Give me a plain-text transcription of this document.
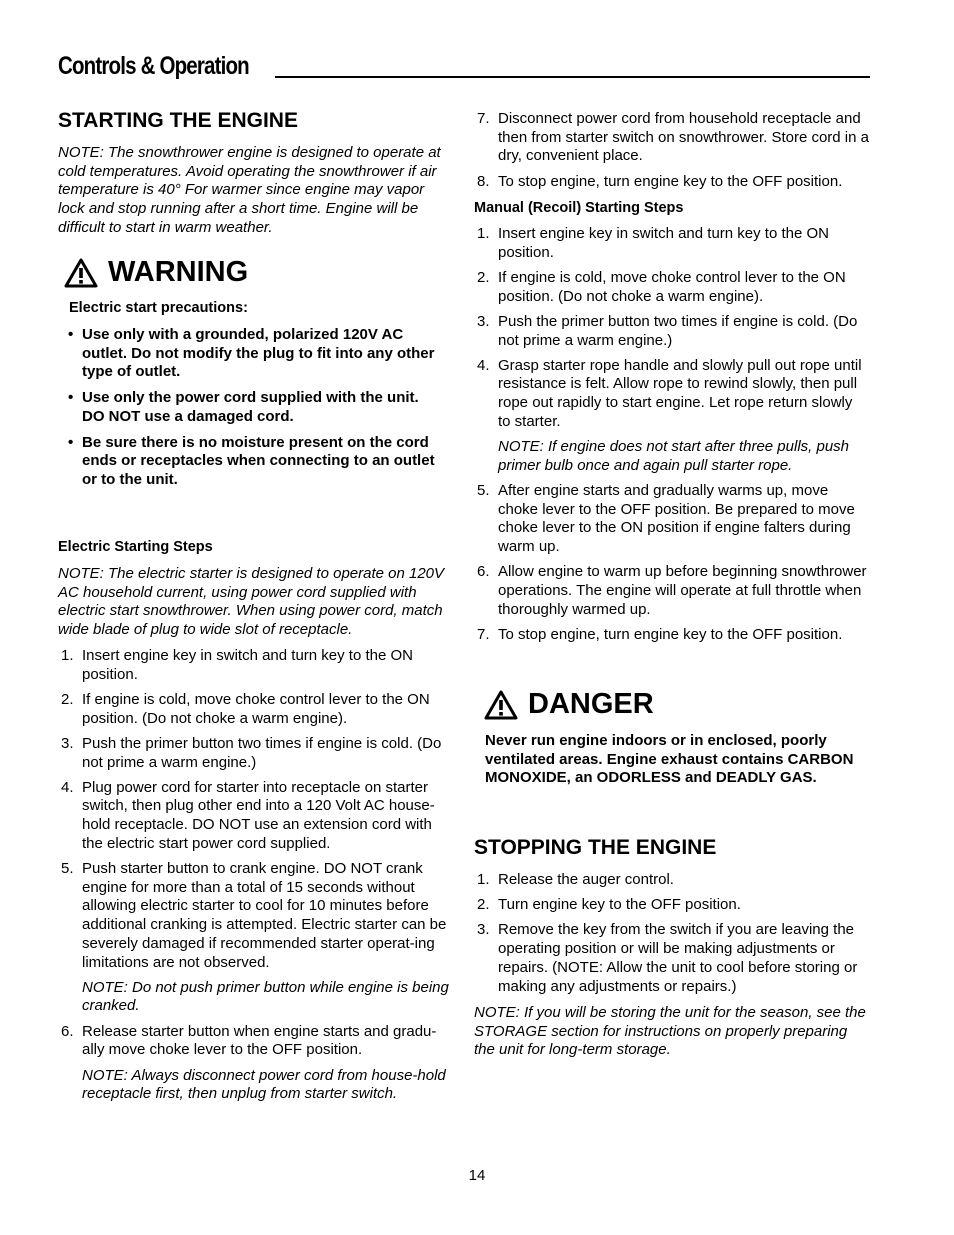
Controls & Operation
STARTING THE ENGINE

NOTE: The snowthrower engine is designed to operate at cold temperatures. Avoid operating the snowthrower if air temperature is 40° For warmer since engine may vapor lock and stop running after a short time. Engine will be difficult to start in warm weather.

WARNING

Electric start precautions:

• Use only with a grounded, polarized 120V AC outlet. Do not modify the plug to fit into any other type of outlet.
• Use only the power cord supplied with the unit. DO NOT use a damaged cord.
• Be sure there is no moisture present on the cord ends or receptacles when connecting to an outlet or to the unit.

Electric Starting Steps

NOTE: The electric starter is designed to operate on 120V AC household current, using power cord supplied with electric start snowthrower. When using power cord, match wide blade of plug to wide slot of receptacle.

1. Insert engine key in switch and turn key to the ON position.
2. If engine is cold, move choke control lever to the ON position. (Do not choke a warm engine).
3. Push the primer button two times if engine is cold. (Do not prime a warm engine.)
4. Plug power cord for starter into receptacle on starter switch, then plug other end into a 120 Volt AC house-hold receptacle. DO NOT use an extension cord with the electric start power cord supplied.
5. Push starter button to crank engine. DO NOT crank engine for more than a total of 15 seconds without allowing electric starter to cool for 10 minutes before additional cranking is attempted. Electric starter can be severely damaged if recommended starter operat-ing limitations are not observed.
NOTE: Do not push primer button while engine is being cranked.
6. Release starter button when engine starts and gradu-ally move choke lever to the OFF position.
NOTE: Always disconnect power cord from house-hold receptacle first, then unplug from starter switch.
7. Disconnect power cord from household receptacle and then from starter switch on snowthrower. Store cord in a dry, convenient place.
8. To stop engine, turn engine key to the OFF position.

Manual (Recoil) Starting Steps

1. Insert engine key in switch and turn key to the ON position.
2. If engine is cold, move choke control lever to the ON position. (Do not choke a warm engine).
3. Push the primer button two times if engine is cold. (Do not prime a warm engine.)
4. Grasp starter rope handle and slowly pull out rope until resistance is felt. Allow rope to rewind slowly, then pull rope out rapidly to start engine. Let rope return slowly to starter.
NOTE: If engine does not start after three pulls, push primer bulb once and again pull starter rope.
5. After engine starts and gradually warms up, move choke lever to the OFF position. Be prepared to move choke lever to the ON position if engine falters during warm up.
6. Allow engine to warm up before beginning snowthrower operations. The engine will operate at full throttle when thoroughly warmed up.
7. To stop engine, turn engine key to the OFF position.
DANGER

Never run engine indoors or in enclosed, poorly ventilated areas. Engine exhaust contains CARBON MONOXIDE, an ODORLESS and DEADLY GAS.

STOPPING THE ENGINE
1. Release the auger control.
2. Turn engine key to the OFF position.
3. Remove the key from the switch if you are leaving the operating position or will be making adjustments or repairs. (NOTE: Allow the unit to cool before storing or making any adjustments or repairs.)

NOTE: If you will be storing the unit for the season, see the STORAGE section for instructions on properly preparing the unit for long-term storage.

14
